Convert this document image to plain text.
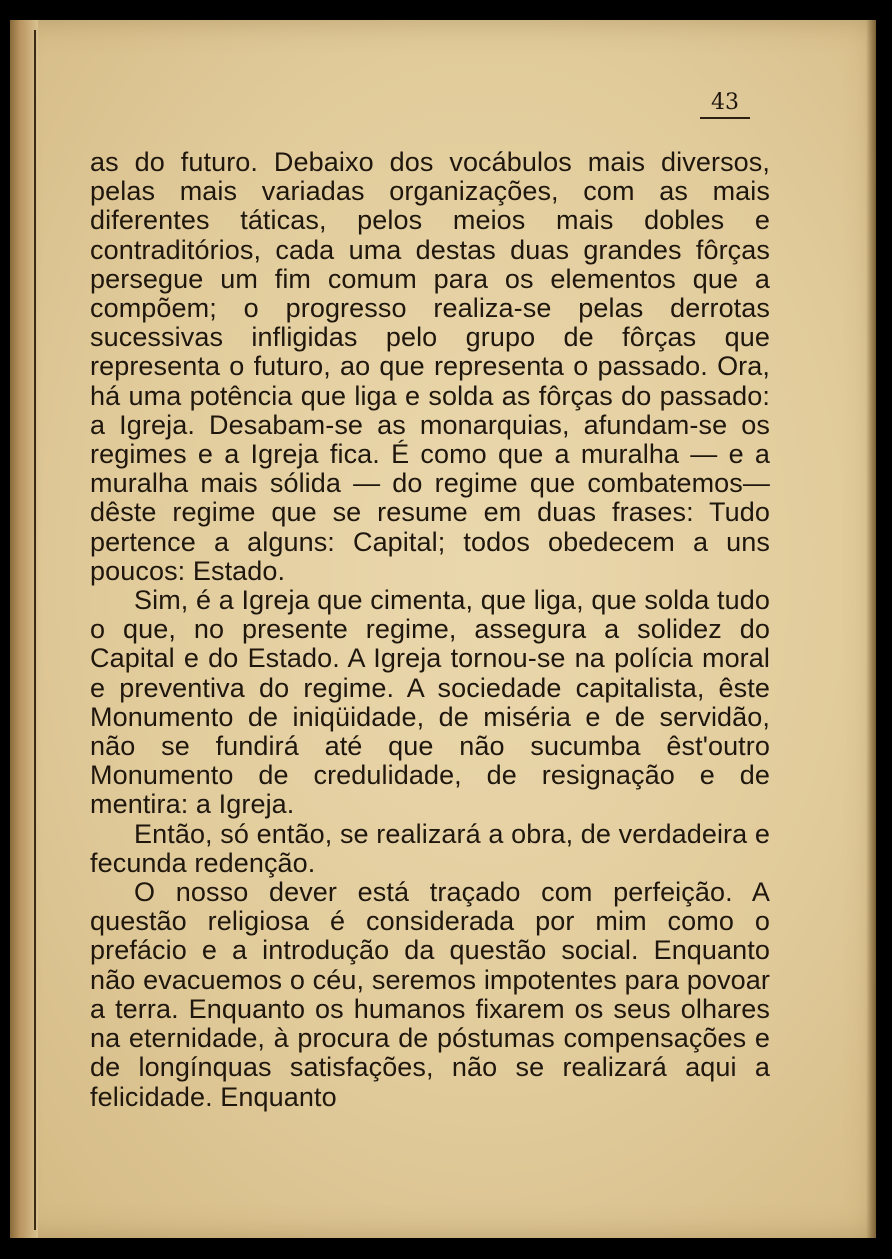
43

as do futuro. Debaixo dos vocábulos mais diversos, pelas mais variadas organizações, com as mais diferentes táticas, pelos meios mais dobles e contraditórios, cada uma destas duas grandes fôrças persegue um fim comum para os elementos que a compõem; o progresso realiza-se pelas derrotas sucessivas infligidas pelo grupo de fôrças que representa o futuro, ao que representa o passado. Ora, há uma potência que liga e solda as fôrças do passado: a Igreja. Desabam-se as monarquias, afundam-se os regimes e a Igreja fica. É como que a muralha — e a muralha mais sólida — do regime que combatemos—dêste regime que se resume em duas frases: Tudo pertence a alguns: Capital; todos obedecem a uns poucos: Estado.

Sim, é a Igreja que cimenta, que liga, que solda tudo o que, no presente regime, assegura a solidez do Capital e do Estado. A Igreja tornou-se na polícia moral e preventiva do regime. A sociedade capitalista, êste Monumento de iniqüidade, de miséria e de servidão, não se fundirá até que não sucumba êst'outro Monumento de credulidade, de resignação e de mentira: a Igreja.

Então, só então, se realizará a obra, de verdadeira e fecunda redenção.

O nosso dever está traçado com perfeição. A questão religiosa é considerada por mim como o prefácio e a introdução da questão social. Enquanto não evacuemos o céu, seremos impotentes para povoar a terra. Enquanto os humanos fixarem os seus olhares na eternidade, à procura de póstumas compensações e de longínquas satisfações, não se realizará aqui a felicidade. Enquanto
